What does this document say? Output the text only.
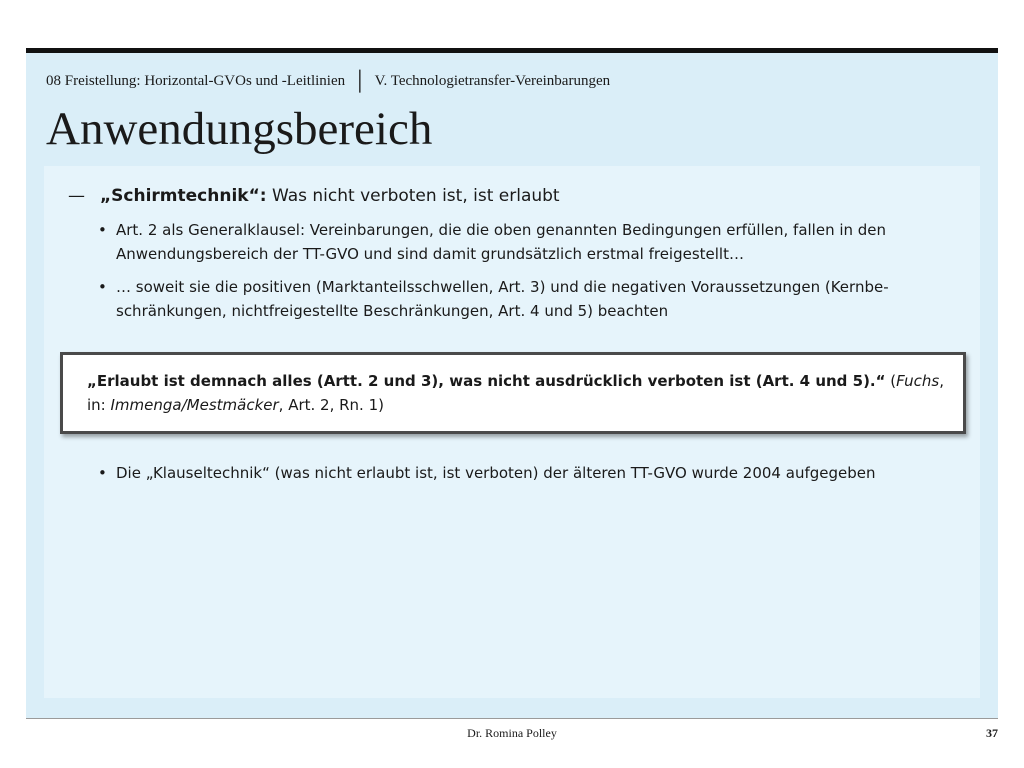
08 Freistellung: Horizontal-GVOs und -Leitlinien │ V. Technologietransfer-Vereinbarungen
Anwendungsbereich
— „Schirmtechnik“: Was nicht verboten ist, ist erlaubt
• Art. 2 als Generalklausel: Vereinbarungen, die die oben genannten Bedingungen erfüllen, fallen in den
Anwendungsbereich der TT-GVO und sind damit grundsätzlich erstmal freigestellt…
• … soweit sie die positiven (Marktanteilsschwellen, Art. 3) und die negativen Voraussetzungen (Kernbe-
schränkungen, nichtfreigestellte Beschränkungen, Art. 4 und 5) beachten
„Erlaubt ist demnach alles (Artt. 2 und 3), was nicht ausdrücklich verboten ist (Art. 4 und 5).“ (Fuchs,
in: Immenga/Mestmäcker, Art. 2, Rn. 1)
• Die „Klauseltechnik“ (was nicht erlaubt ist, ist verboten) der älteren TT-GVO wurde 2004 aufgegeben
Dr. Romina Polley	37
